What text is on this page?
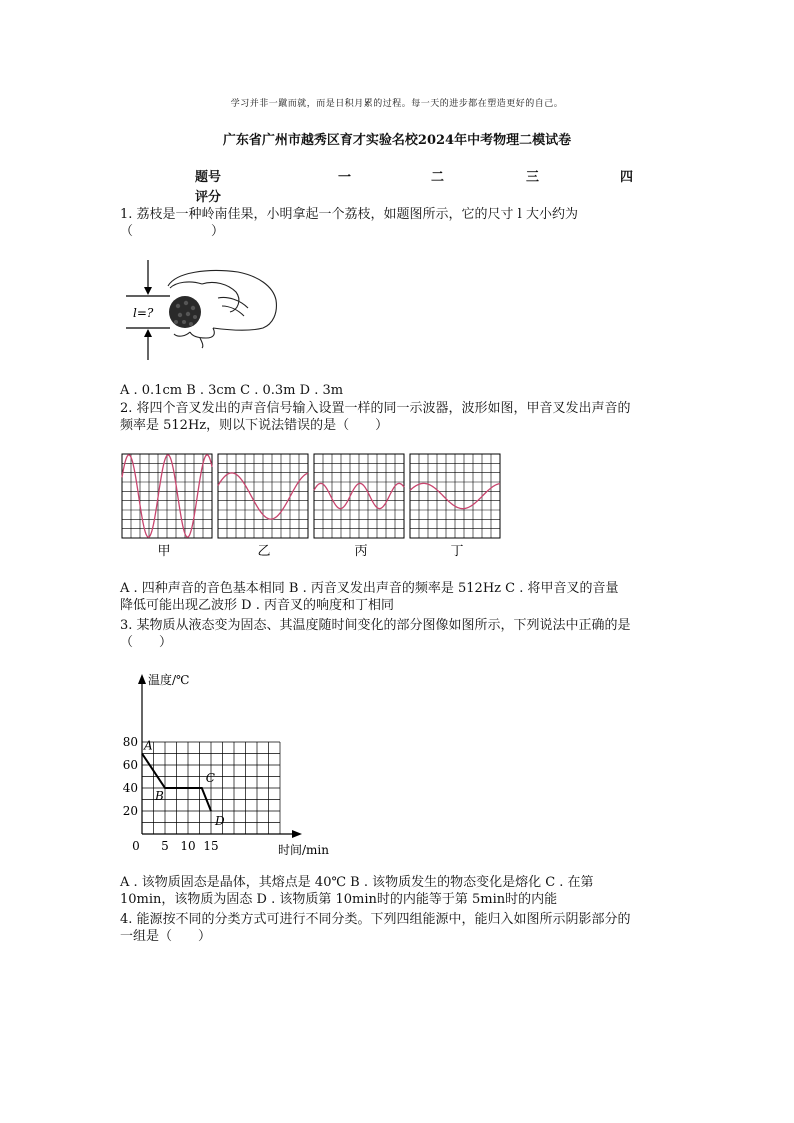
学习并非一蹴而就，而是日积月累的过程。每一天的进步都在塑造更好的自己。
广东省广州市越秀区育才实验名校2024年中考物理二模试卷
题号	一	二	三	四
评分
1. 荔枝是一种岭南佳果，小明拿起一个荔枝，如题图所示，它的尺寸 l 大小约为
（　　　　　　）
l=?
A . 0.1cm B . 3cm C . 0.3m D . 3m
2. 将四个音叉发出的声音信号输入设置一样的同一示波器，波形如图，甲音叉发出声音的
频率是 512Hz，则以下说法错误的是（　　）
甲	乙	丙	丁
A . 四种声音的音色基本相同 B . 丙音叉发出声音的频率是 512Hz C . 将甲音叉的音量
降低可能出现乙波形 D . 丙音叉的响度和丁相同
3. 某物质从液态变为固态、其温度随时间变化的部分图像如图所示，下列说法中正确的是
（　　）
20
40
60
80
0 5 10 15
A
B
C
D
温度/℃
时间/min
A . 该物质固态是晶体，其熔点是 40℃ B . 该物质发生的物态变化是熔化 C . 在第
10min，该物质为固态 D . 该物质第 10min时的内能等于第 5min时的内能
4. 能源按不同的分类方式可进行不同分类。下列四组能源中，能归入如图所示阴影部分的
一组是（　　）
